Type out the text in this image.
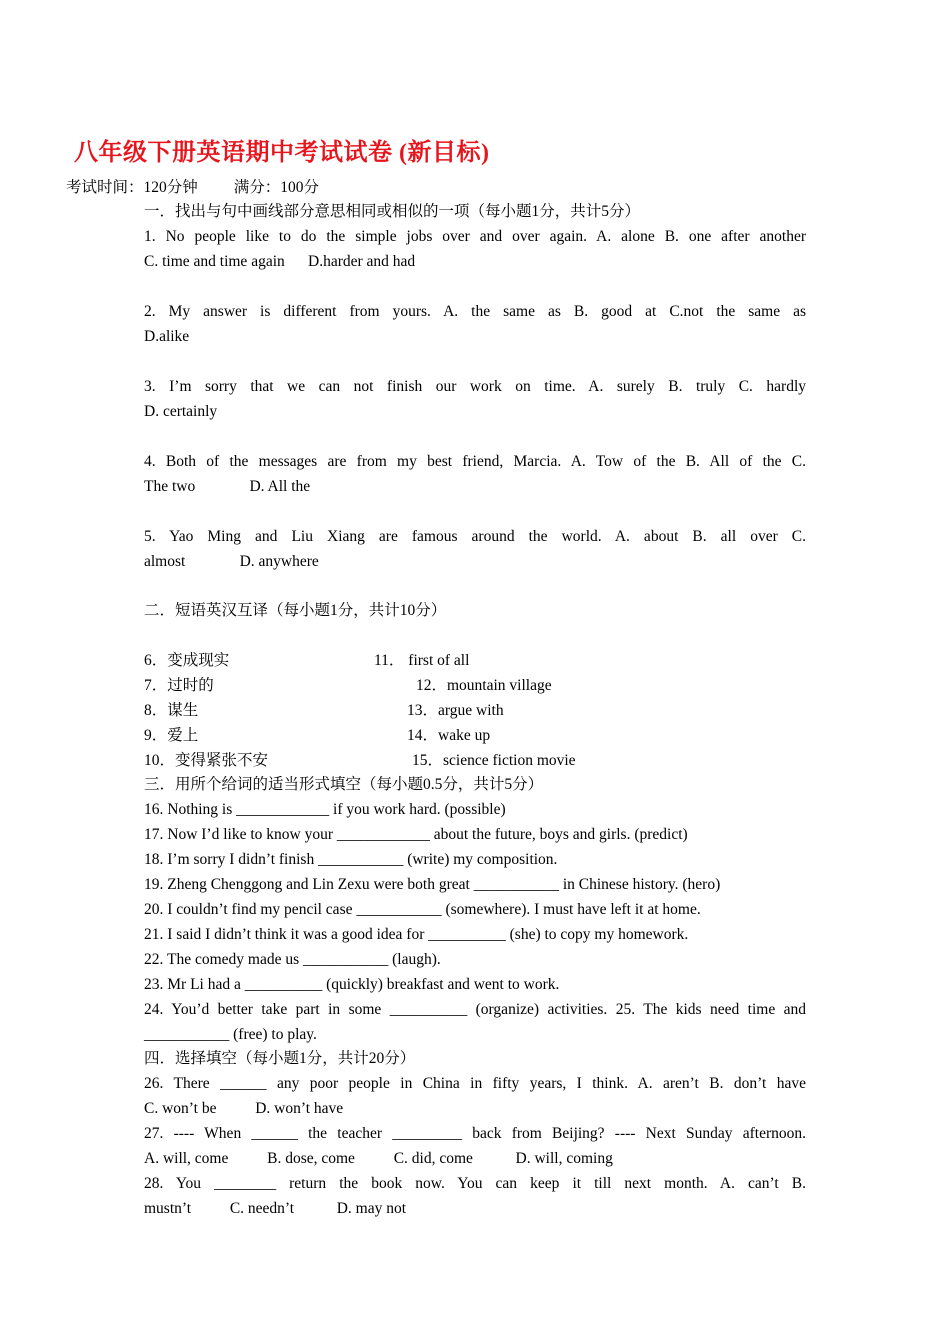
八年级下册英语期中考试试卷 (新目标)
考试时间：120分钟 满分：100分
一．找出与句中画线部分意思相同或相似的一项（每小题1分，共计5分）
1. No people like to do the simple jobs over and over again. A. alone B. one after another
C. time and time again      D.harder and had
2. My answer is different from yours. A. the same as B. good at C.not the same as
D.alike
3. I’m sorry that we can not finish our work on time. A. surely B. truly C. hardly
D. certainly
4. Both of the messages are from my best friend, Marcia. A. Tow of the B. All of the C.
The two              D. All the
5. Yao Ming and Liu Xiang are famous around the world. A. about B. all over C.
almost              D. anywhere
二．短语英汉互译（每小题1分，共计10分）
6．变成现实	11． first of all
7．过时的	12．mountain village
8．谋生	13．argue with
9．爱上	14．wake up
10．变得紧张不安	15．science fiction movie
三．用所个给词的适当形式填空（每小题0.5分，共计5分）
16. Nothing is ____________ if you work hard. (possible)
17. Now I’d like to know your ____________ about the future, boys and girls. (predict)
18. I’m sorry I didn’t finish ___________ (write) my composition.
19. Zheng Chenggong and Lin Zexu were both great ___________ in Chinese history. (hero)
20. I couldn’t find my pencil case ___________ (somewhere). I must have left it at home.
21. I said I didn’t think it was a good idea for __________ (she) to copy my homework.
22. The comedy made us ___________ (laugh).
23. Mr Li had a __________ (quickly) breakfast and went to work.
24. You’d better take part in some __________ (organize) activities. 25. The kids need time and
___________ (free) to play.
四．选择填空（每小题1分，共计20分）
26. There ______ any poor people in China in fifty years, I think. A. aren’t B. don’t have
C. won’t be          D. won’t have
27. ---- When ______ the teacher _________ back from Beijing? ---- Next Sunday afternoon.
A. will, come          B. dose, come          C. did, come           D. will, coming
28. You ________ return the book now. You can keep it till next month. A. can’t B.
mustn’t          C. needn’t           D. may not
